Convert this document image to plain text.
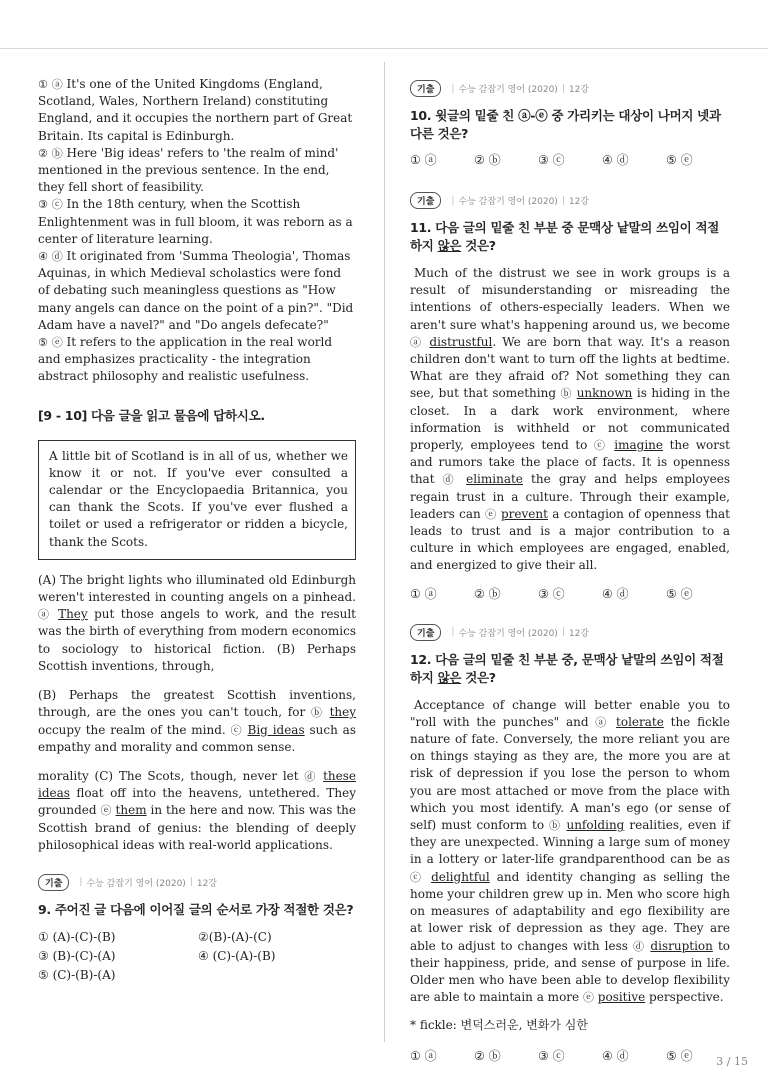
① ⓐ It's one of the United Kingdoms (England, Scotland, Wales, Northern Ireland) constituting England, and it occupies the northern part of Great Britain. Its capital is Edinburgh.

② ⓑ Here 'Big ideas' refers to 'the realm of mind' mentioned in the previous sentence. In the end, they fell short of feasibility.

③ ⓒ In the 18th century, when the Scottish Enlightenment was in full bloom, it was reborn as a center of literature learning.

④ ⓓ It originated from 'Summa Theologia', Thomas Aquinas, in which Medieval scholastics were fond of debating such meaningless questions as "How many angels can dance on the point of a pin?". "Did Adam have a navel?" and "Do angels defecate?"

⑤ ⓔ It refers to the application in the real world and emphasizes practicality - the integration abstract philosophy and realistic usefulness.

[9 - 10] 다음 글을 읽고 물음에 답하시오.

A little bit of Scotland is in all of us, whether we know it or not. If you've ever consulted a calendar or the Encyclopaedia Britannica, you can thank the Scots. If you've ever flushed a toilet or used a refrigerator or ridden a bicycle, thank the Scots.

(A) The bright lights who illuminated old Edinburgh weren't interested in counting angels on a pinhead. ⓐ They put those angels to work, and the result was the birth of everything from modern economics to sociology to historical fiction. (B) Perhaps Scottish inventions, through,

(B) Perhaps the greatest Scottish inventions, through, are the ones you can't touch, for ⓑ they occupy the realm of the mind. ⓒ Big ideas such as empathy and morality and common sense.

morality (C) The Scots, though, never let ⓓ these ideas float off into the heavens, untethered. They grounded ⓔ them in the here and now. This was the Scottish brand of genius: the blending of deeply philosophical ideas with real-world applications.

기출	| 수능 감잡기 영어 (2020) | 12강
9. 주어진 글 다음에 이어질 글의 순서로 가장 적절한 것은?
① (A)-(C)-(B)	②(B)-(A)-(C)
③ (B)-(C)-(A)	④ (C)-(A)-(B)
⑤ (C)-(B)-(A)
기출	| 수능 감잡기 영어 (2020) | 12강
10. 윗글의 밑줄 친 ⓐ-ⓔ 중 가리키는 대상이 나머지 넷과 다른 것은?
① ⓐ	② ⓑ	③ ⓒ	④ ⓓ	⑤ ⓔ
기출	| 수능 감잡기 영어 (2020) | 12강
11. 다음 글의 밑줄 친 부분 중 문맥상 낱말의 쓰임이 적절하지 않은 것은?

Much of the distrust we see in work groups is a result of misunderstanding or misreading the intentions of others-especially leaders. When we aren't sure what's happening around us, we become ⓐ distrustful. We are born that way. It's a reason children don't want to turn off the lights at bedtime. What are they afraid of? Not something they can see, but that something ⓑ unknown is hiding in the closet. In a dark work environment, where information is withheld or not communicated properly, employees tend to ⓒ imagine the worst and rumors take the place of facts. It is openness that ⓓ eliminate the gray and helps employees regain trust in a culture. Through their example, leaders can ⓔ prevent a contagion of openness that leads to trust and is a major contribution to a culture in which employees are engaged, enabled, and energized to give their all.

① ⓐ	② ⓑ	③ ⓒ	④ ⓓ	⑤ ⓔ
기출	| 수능 감잡기 영어 (2020) | 12강
12. 다음 글의 밑줄 친 부분 중, 문맥상 낱말의 쓰임이 적절하지 않은 것은?

Acceptance of change will better enable you to "roll with the punches" and ⓐ tolerate the fickle nature of fate. Conversely, the more reliant you are on things staying as they are, the more you are at risk of depression if you lose the person to whom you are most attached or move from the place with which you most identify. A man's ego (or sense of self) must conform to ⓑ unfolding realities, even if they are unexpected. Winning a large sum of money in a lottery or later-life grandparenthood can be as ⓒ delightful and identity changing as selling the home your children grew up in. Men who score high on measures of adaptability and ego flexibility are at lower risk of depression as they age. They are able to adjust to changes with less ⓓ disruption to their happiness, pride, and sense of purpose in life. Older men who have been able to develop flexibility are able to maintain a more ⓔ positive perspective.

* fickle: 변덕스러운, 변화가 심한
① ⓐ	② ⓑ	③ ⓒ	④ ⓓ	⑤ ⓔ	3 / 15
